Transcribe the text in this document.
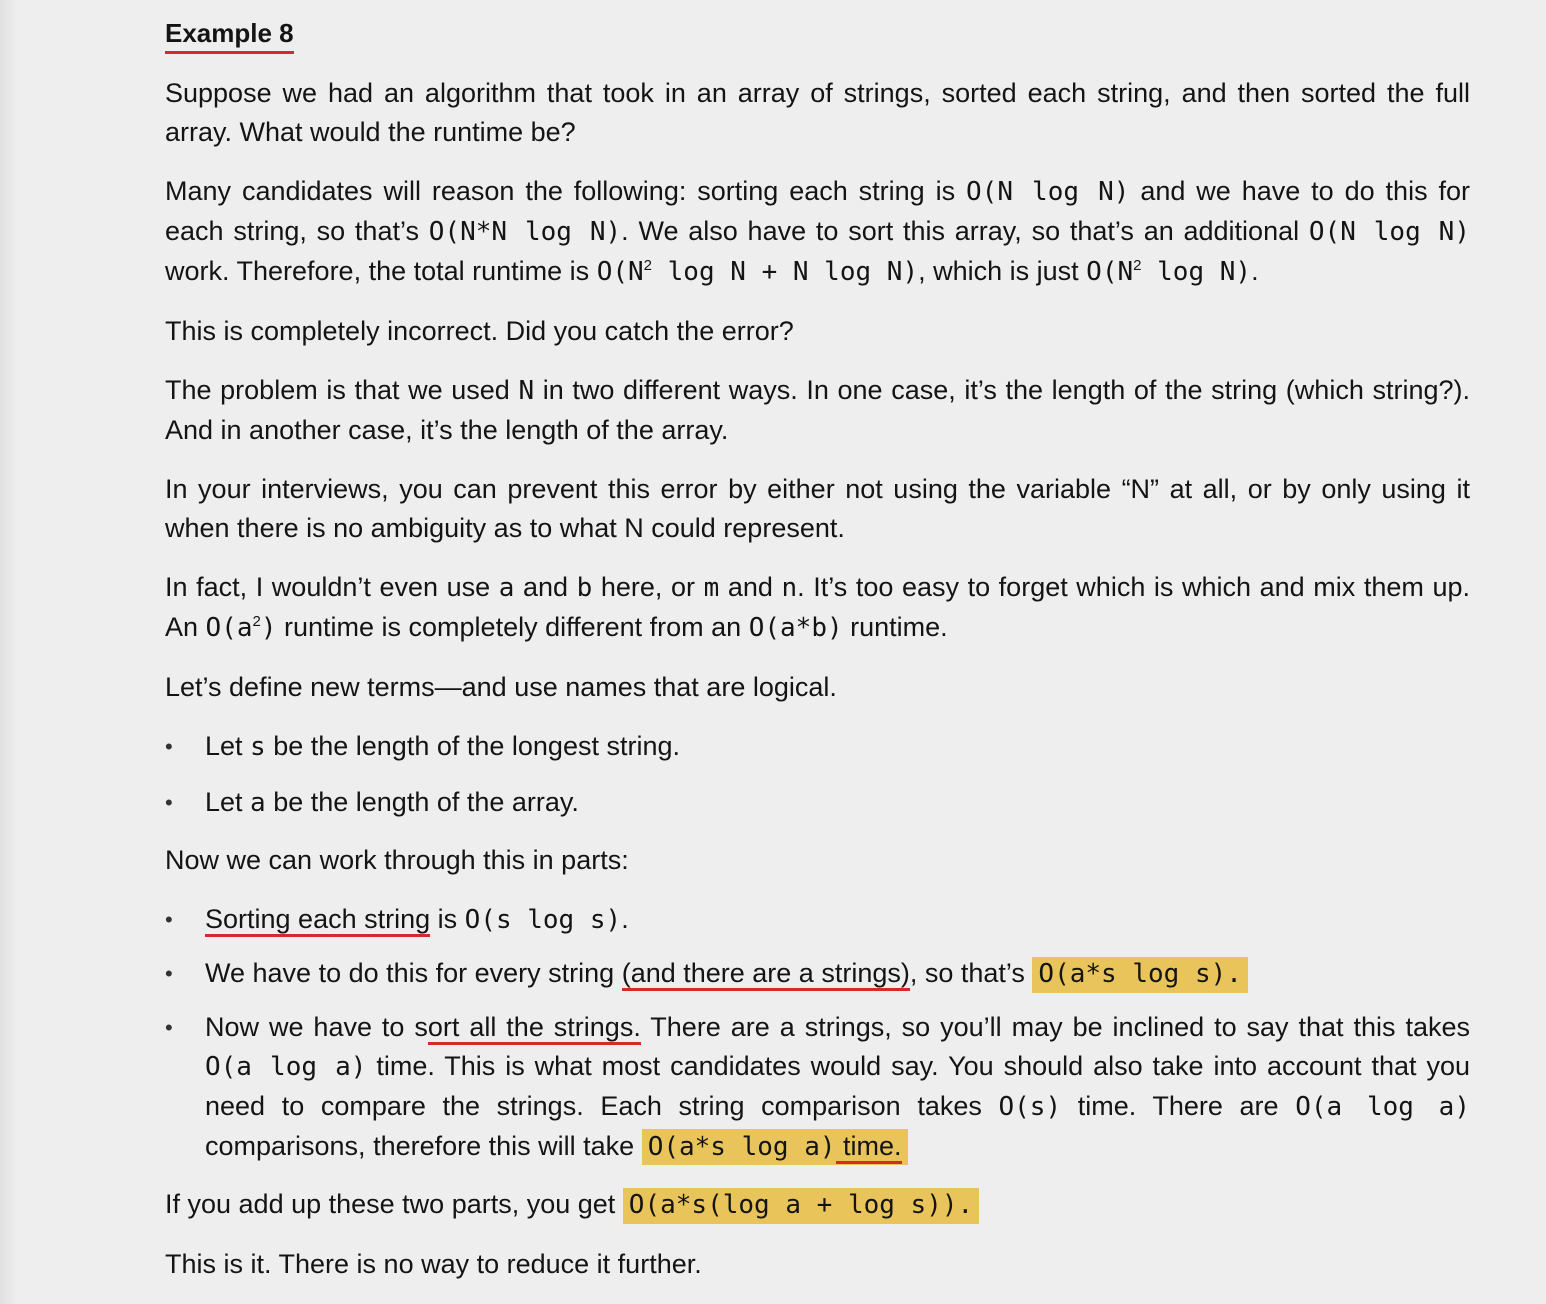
Example 8

Suppose we had an algorithm that took in an array of strings, sorted each string, and then sorted the full array. What would the runtime be?

Many candidates will reason the following: sorting each string is O(N log N) and we have to do this for each string, so that’s O(N*N log N). We also have to sort this array, so that’s an additional O(N log N) work. Therefore, the total runtime is $O(N^2$ log N + N log N), which is just $O(N^2$ log N).

This is completely incorrect. Did you catch the error?

The problem is that we used N in two different ways. In one case, it’s the length of the string (which string?). And in another case, it’s the length of the array.

In your interviews, you can prevent this error by either not using the variable “N” at all, or by only using it when there is no ambiguity as to what N could represent.

In fact, I wouldn’t even use a and b here, or m and n. It’s too easy to forget which is which and mix them up. An $O(a^2)$ runtime is completely different from an O(a*b) runtime.

Let’s define new terms—and use names that are logical.

• Let s be the length of the longest string.
• Let a be the length of the array.

Now we can work through this in parts:

• Sorting each string is O(s log s).
• We have to do this for every string (and there are a strings), so that’s O(a*s log s).
• Now we have to sort all the strings. There are a strings, so you’ll may be inclined to say that this takes O(a log a) time. This is what most candidates would say. You should also take into account that you need to compare the strings. Each string comparison takes O(s) time. There are O(a log a) comparisons, therefore this will take O(a*s log a) time.

If you add up these two parts, you get O(a*s(log a + log s)).

This is it. There is no way to reduce it further.
